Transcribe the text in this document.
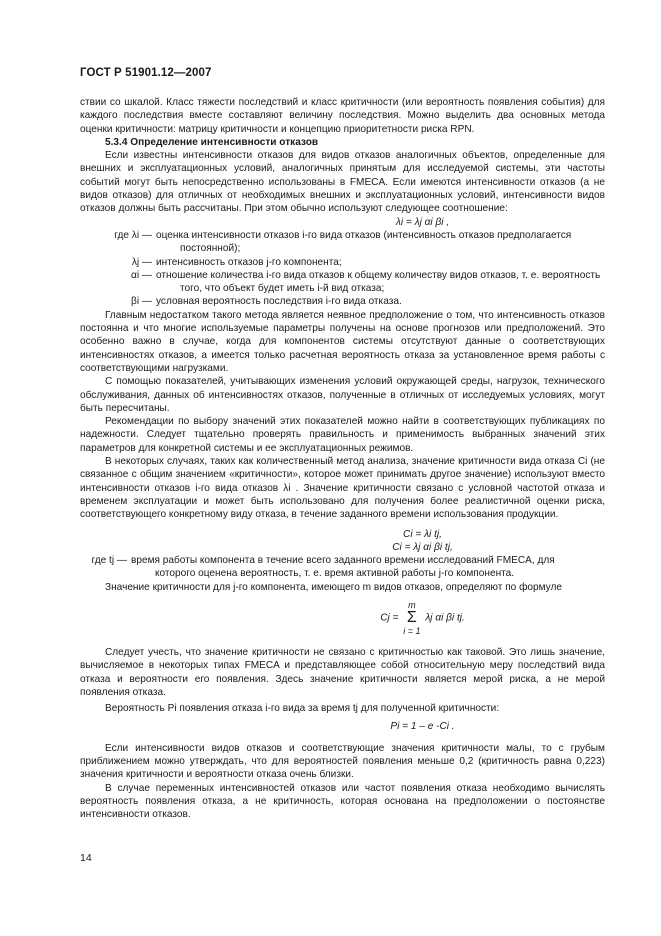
ГОСТ Р 51901.12—2007

ствии со шкалой. Класс тяжести последствий и класс критичности (или вероятность появления события) для каждого последствия вместе составляют величину последствия. Можно выделить два основных метода оценки критичности: матрицу критичности и концепцию приоритетности риска RPN.

5.3.4 Определение интенсивности отказов

Если известны интенсивности отказов для видов отказов аналогичных объектов, определенные для внешних и эксплуатационных условий, аналогичных принятым для исследуемой системы, эти частоты событий могут быть непосредственно использованы в FMECA. Если имеются интенсивности отказов (а не видов отказов) для отличных от необходимых внешних и эксплуатационных условий, интенсивности видов отказов должны быть рассчитаны. При этом обычно используют следующее соотношение:

λi = λj αi βi ,

где λi — оценка интенсивности отказов i-го вида отказов (интенсивность отказов предполагается
постоянной);
λj — интенсивность отказов j-го компонента;
αi — отношение количества i-го вида отказов к общему количеству видов отказов, т. е. вероятность
того, что объект будет иметь i-й вид отказа;
βi — условная вероятность последствия i-го вида отказа.

Главным недостатком такого метода является неявное предположение о том, что интенсивность отказов постоянна и что многие используемые параметры получены на основе прогнозов или предположений. Это особенно важно в случае, когда для компонентов системы отсутствуют данные о соответствующих интенсивностях отказов, а имеется только расчетная вероятность отказа за установленное время работы с соответствующими нагрузками.

С помощью показателей, учитывающих изменения условий окружающей среды, нагрузок, технического обслуживания, данных об интенсивностях отказов, полученные в отличных от исследуемых условиях, могут быть пересчитаны.

Рекомендации по выбору значений этих показателей можно найти в соответствующих публикациях по надежности. Следует тщательно проверять правильность и применимость выбранных значений этих параметров для конкретной системы и ее эксплуатационных режимов.

В некоторых случаях, таких как количественный метод анализа, значение критичности вида отказа Ci (не связанное с общим значением «критичности», которое может принимать другое значение) используют вместо интенсивности отказов i-го вида отказов λi . Значение критичности связано с условной частотой отказа и временем эксплуатации и может быть использовано для получения более реалистичной оценки риска, соответствующего конкретному виду отказа, в течение заданного времени использования продукции.

Ci = λi tj,

Ci = λj αi βi tj,

где tj — время работы компонента в течение всего заданного времени исследований FMECA, для
которого оценена вероятность, т. е. время активной работы j-го компонента.

Значение критичности для j-го компонента, имеющего m видов отказов, определяют по формуле

Cj =
m
Σ
i = 1
λj αi βi tj.

Следует учесть, что значение критичности не связано с критичностью как таковой. Это лишь значение, вычисляемое в некоторых типах FMECA и представляющее собой относительную меру последствий вида отказа и вероятности его появления. Здесь значение критичности является мерой риска, а не мерой появления отказа.

Вероятность Pi появления отказа i-го вида за время tj для полученной критичности:

Pi = 1 – e -Ci .

Если интенсивности видов отказов и соответствующие значения критичности малы, то с грубым приближением можно утверждать, что для вероятностей появления меньше 0,2 (критичность равна 0,223) значения критичности и вероятности отказа очень близки.

В случае переменных интенсивностей отказов или частот появления отказа необходимо вычислять вероятность появления отказа, а не критичность, которая основана на предположении о постоянстве интенсивности отказов.

14
